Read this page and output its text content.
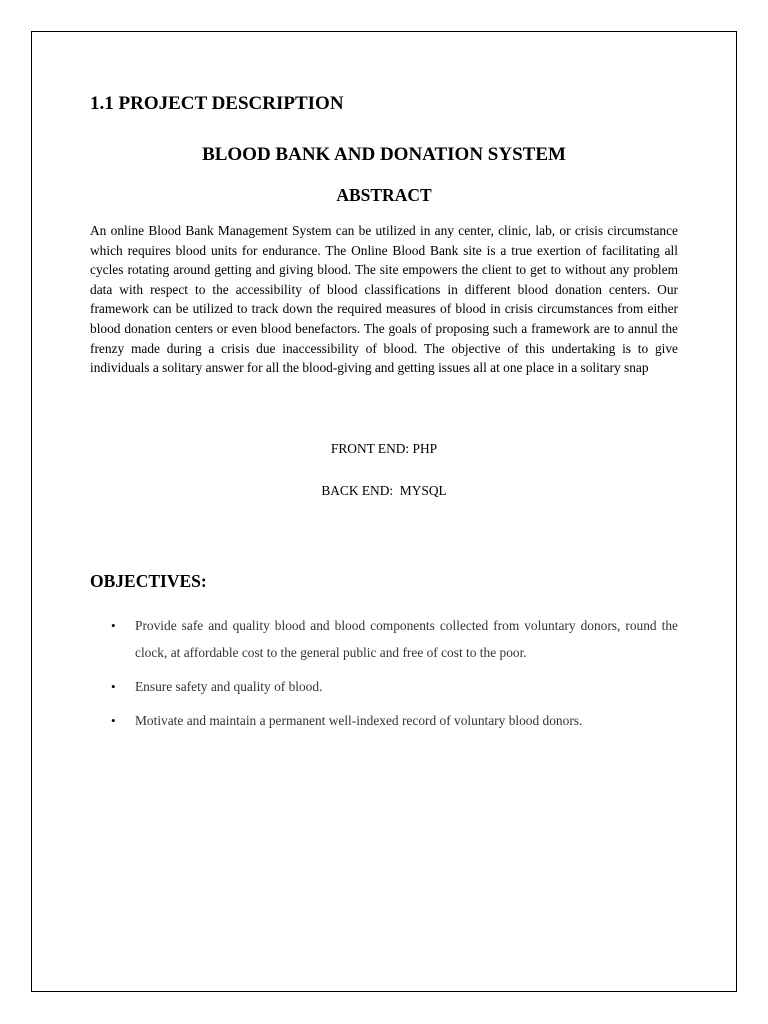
1.1 PROJECT DESCRIPTION
BLOOD BANK AND DONATION SYSTEM
ABSTRACT

An online Blood Bank Management System can be utilized in any center, clinic, lab, or crisis circumstance which requires blood units for endurance. The Online Blood Bank site is a true exertion of facilitating all cycles rotating around getting and giving blood. The site empowers the client to get to without any problem data with respect to the accessibility of blood classifications in different blood donation centers. Our framework can be utilized to track down the required measures of blood in crisis circumstances from either blood donation centers or even blood benefactors. The goals of proposing such a framework are to annul the frenzy made during a crisis due inaccessibility of blood. The objective of this undertaking is to give individuals a solitary answer for all the blood-giving and getting issues all at one place in a solitary snap

FRONT END: PHP

BACK END:  MYSQL

OBJECTIVES:
• Provide safe and quality blood and blood components collected from voluntary donors, round the clock, at affordable cost to the general public and free of cost to the poor.
• Ensure safety and quality of blood.
• Motivate and maintain a permanent well-indexed record of voluntary blood donors.
